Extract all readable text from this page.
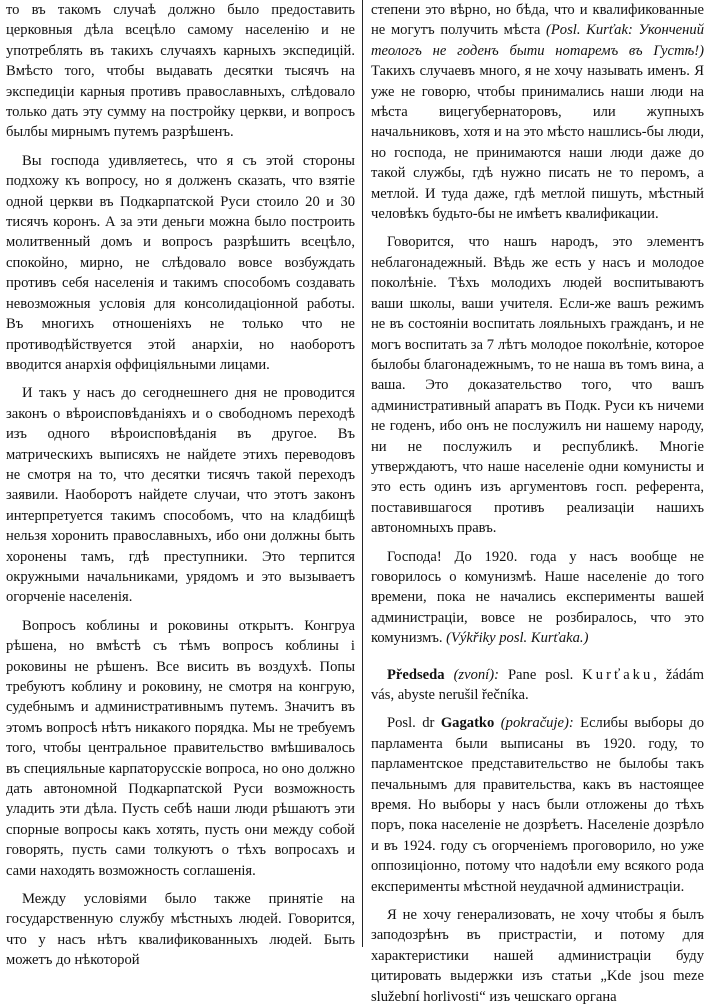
то въ такомъ случаѣ должно было предоставить церковныя дѣла всецѣло самому населенію и не употреблять въ такихъ случаяхъ карныхъ экспедицій. Вмѣсто того, чтобы выдавать десятки тысячъ на экспедиціи карныя противъ православныхъ, слѣдовало только дать эту сумму на постройку церкви, и вопросъ былбы мирнымъ путемъ разрѣшенъ.

Вы господа удивляетесь, что я съ этой стороны подхожу къ вопросу, но я долженъ сказать, что взятіе одной церкви въ Подкарпатской Руси стоило 20 и 30 тисячъ коронъ. А за эти деньги можна было построить молитвенный домъ и вопросъ разрѣшить всецѣло, спокойно, мирно, не слѣдовало вовсе возбуждать противъ себя населенія и такимъ способомъ создавать невозможныя условія для консолидаціонной работы. Въ многихъ отношеніяхъ не только что не противодѣйствуется этой анархіи, но наоборотъ вводится анархія оффиціяльными лицами.

И такъ у насъ до сегоднешнего дня не проводится законъ о вѣроисповѣданіяхъ и о свободномъ переходѣ изъ одного вѣроисповѣданія въ другое. Въ матрическихъ выписяхъ не найдете этихъ переводовъ не смотря на то, что десятки тисячъ такой переходъ заявили. Наоборотъ найдете случаи, что этотъ законъ интерпретуется такимъ способомъ, что на кладбищѣ нельзя хоронить православныхъ, ибо они должны быть хоронены тамъ, гдѣ преступники. Это терпится окружными начальниками, урядомъ и это вызываетъ огорченіе населенія.

Вопросъ коблины и роковины открытъ. Конгруа рѣшена, но вмѣстѣ съ тѣмъ вопросъ коблины і роковины не рѣшенъ. Все висить въ воздухѣ. Попы требуютъ коблину и роковину, не смотря на конгрую, судебнымъ и административнымъ путемъ. Значитъ въ этомъ вопросѣ нѣтъ никакого порядка. Мы не требуемъ того, чтобы центральное правительство вмѣшивалось въ специяльные карпаторусскіе вопроса, но оно должно дать автономной Подкарпатской Руси возможность уладить эти дѣла. Пусть себѣ наши люди рѣшаютъ эти спорные вопросы какъ хотять, пусть они между собой говорять, пусть сами толкуютъ о тѣхъ вопросахъ и сами находять возможность соглашенія.

Между условіями было также принятіе на государственную службу мѣстныхъ людей. Говорится, что у насъ нѣтъ квалификованныхъ людей. Быть можетъ до нѣкоторой

степени это вѣрно, но бѣда, что и квалификованные не могутъ получить мѣста (Posl. Kurťak: Укончений теологъ не годенъ быти нотаремъ въ Густѣ!) Такихъ случаевъ много, я не хочу называть именъ. Я уже не говорю, чтобы принимались наши люди на мѣста вицегубернаторовъ, или жупныхъ начальниковъ, хотя и на это мѣсто нашлись-бы люди, но господа, не принимаются наши люди даже до такой службы, гдѣ нужно писать не то перомъ, а метлой. И туда даже, гдѣ метлой пишуть, мѣстный человѣкъ будьто-бы не имѣетъ квалификации.

Говорится, что нашъ народъ, это элементъ неблагонадежный. Вѣдь же есть у насъ и молодое поколѣніе. Тѣхъ молодихъ людей воспитываютъ ваши школы, ваши учителя. Если-же вашъ режимъ не въ состояніи воспитать лояльныхъ гражданъ, и не могъ воспитать за 7 лѣтъ молодое поколѣніе, которое былобы благонадежнымъ, то не наша въ томъ вина, а ваша. Это доказательство того, что вашъ административный апаратъ въ Подк. Руси къ ничеми не годенъ, ибо онъ не послужилъ ни нашему народу, ни не послужилъ и республикѣ. Многіе утверждаютъ, что наше населеніе одни комунисты и это есть одинъ изъ аргументовъ госп. референта, поставившагося противъ реализаціи нашихъ автономныхъ правъ.

Господа! До 1920. года у насъ вообще не говорилось о комунизмѣ. Наше населеніе до того времени, пока не начались експерименты вашей администраціи, вовсе не розбиралось, что это комунизмъ. (Výkřiky posl. Kurťaka.)

Předseda (zvoní): Pane posl. Kurťaku, žádám vás, abyste nerušil řečníka.

Posl. dr Gagatko (pokračuje): Еслибы выборы до парламента были выписаны въ 1920. году, то парламентское представительство не былобы такъ печальнымъ для правительства, какъ въ настоящее время. Но выборы у насъ были отложены до тѣхъ поръ, пока населеніе не дозрѣетъ. Населеніе дозрѣло и въ 1924. году съ огорченіемъ проговорило, но уже оппозиціонно, потому что надоѣли ему всякого рода експерименты мѣстной неудачной администраціи.

Я не хочу генерализовать, не хочу чтобы я былъ заподозрѣнъ въ пристрастіи, и потому для характеристики нашей администраціи буду цитировать выдержки изъ статьи „Kde jsou meze služební horlivosti“ изъ чешскаго органа
